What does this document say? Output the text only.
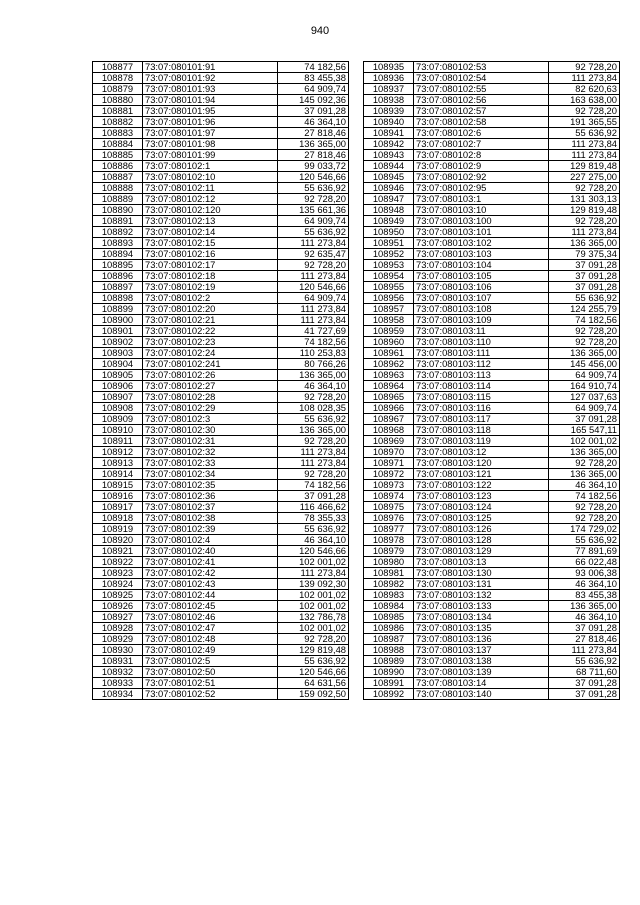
940
108877	73:07:080101:91	74 182,56
108878	73:07:080101:92	83 455,38
108879	73:07:080101:93	64 909,74
108880	73:07:080101:94	145 092,36
108881	73:07:080101:95	37 091,28
108882	73:07:080101:96	46 364,10
108883	73:07:080101:97	27 818,46
108884	73:07:080101:98	136 365,00
108885	73:07:080101:99	27 818,46
108886	73:07:080102:1	99 033,72
108887	73:07:080102:10	120 546,66
108888	73:07:080102:11	55 636,92
108889	73:07:080102:12	92 728,20
108890	73:07:080102:120	135 661,36
108891	73:07:080102:13	64 909,74
108892	73:07:080102:14	55 636,92
108893	73:07:080102:15	111 273,84
108894	73:07:080102:16	92 635,47
108895	73:07:080102:17	92 728,20
108896	73:07:080102:18	111 273,84
108897	73:07:080102:19	120 546,66
108898	73:07:080102:2	64 909,74
108899	73:07:080102:20	111 273,84
108900	73:07:080102:21	111 273,84
108901	73:07:080102:22	41 727,69
108902	73:07:080102:23	74 182,56
108903	73:07:080102:24	110 253,83
108904	73:07:080102:241	80 766,26
108905	73:07:080102:26	136 365,00
108906	73:07:080102:27	46 364,10
108907	73:07:080102:28	92 728,20
108908	73:07:080102:29	108 028,35
108909	73:07:080102:3	55 636,92
108910	73:07:080102:30	136 365,00
108911	73:07:080102:31	92 728,20
108912	73:07:080102:32	111 273,84
108913	73:07:080102:33	111 273,84
108914	73:07:080102:34	92 728,20
108915	73:07:080102:35	74 182,56
108916	73:07:080102:36	37 091,28
108917	73:07:080102:37	116 466,62
108918	73:07:080102:38	78 355,33
108919	73:07:080102:39	55 636,92
108920	73:07:080102:4	46 364,10
108921	73:07:080102:40	120 546,66
108922	73:07:080102:41	102 001,02
108923	73:07:080102:42	111 273,84
108924	73:07:080102:43	139 092,30
108925	73:07:080102:44	102 001,02
108926	73:07:080102:45	102 001,02
108927	73:07:080102:46	132 786,78
108928	73:07:080102:47	102 001,02
108929	73:07:080102:48	92 728,20
108930	73:07:080102:49	129 819,48
108931	73:07:080102:5	55 636,92
108932	73:07:080102:50	120 546,66
108933	73:07:080102:51	64 631,56
108934	73:07:080102:52	159 092,50
108935	73:07:080102:53	92 728,20
108936	73:07:080102:54	111 273,84
108937	73:07:080102:55	82 620,63
108938	73:07:080102:56	163 638,00
108939	73:07:080102:57	92 728,20
108940	73:07:080102:58	191 365,55
108941	73:07:080102:6	55 636,92
108942	73:07:080102:7	111 273,84
108943	73:07:080102:8	111 273,84
108944	73:07:080102:9	129 819,48
108945	73:07:080102:92	227 275,00
108946	73:07:080102:95	92 728,20
108947	73:07:080103:1	131 303,13
108948	73:07:080103:10	129 819,48
108949	73:07:080103:100	92 728,20
108950	73:07:080103:101	111 273,84
108951	73:07:080103:102	136 365,00
108952	73:07:080103:103	79 375,34
108953	73:07:080103:104	37 091,28
108954	73:07:080103:105	37 091,28
108955	73:07:080103:106	37 091,28
108956	73:07:080103:107	55 636,92
108957	73:07:080103:108	124 255,79
108958	73:07:080103:109	74 182,56
108959	73:07:080103:11	92 728,20
108960	73:07:080103:110	92 728,20
108961	73:07:080103:111	136 365,00
108962	73:07:080103:112	145 456,00
108963	73:07:080103:113	64 909,74
108964	73:07:080103:114	164 910,74
108965	73:07:080103:115	127 037,63
108966	73:07:080103:116	64 909,74
108967	73:07:080103:117	37 091,28
108968	73:07:080103:118	165 547,11
108969	73:07:080103:119	102 001,02
108970	73:07:080103:12	136 365,00
108971	73:07:080103:120	92 728,20
108972	73:07:080103:121	136 365,00
108973	73:07:080103:122	46 364,10
108974	73:07:080103:123	74 182,56
108975	73:07:080103:124	92 728,20
108976	73:07:080103:125	92 728,20
108977	73:07:080103:126	174 729,02
108978	73:07:080103:128	55 636,92
108979	73:07:080103:129	77 891,69
108980	73:07:080103:13	66 022,48
108981	73:07:080103:130	93 006,38
108982	73:07:080103:131	46 364,10
108983	73:07:080103:132	83 455,38
108984	73:07:080103:133	136 365,00
108985	73:07:080103:134	46 364,10
108986	73:07:080103:135	37 091,28
108987	73:07:080103:136	27 818,46
108988	73:07:080103:137	111 273,84
108989	73:07:080103:138	55 636,92
108990	73:07:080103:139	68 711,60
108991	73:07:080103:14	37 091,28
108992	73:07:080103:140	37 091,28
